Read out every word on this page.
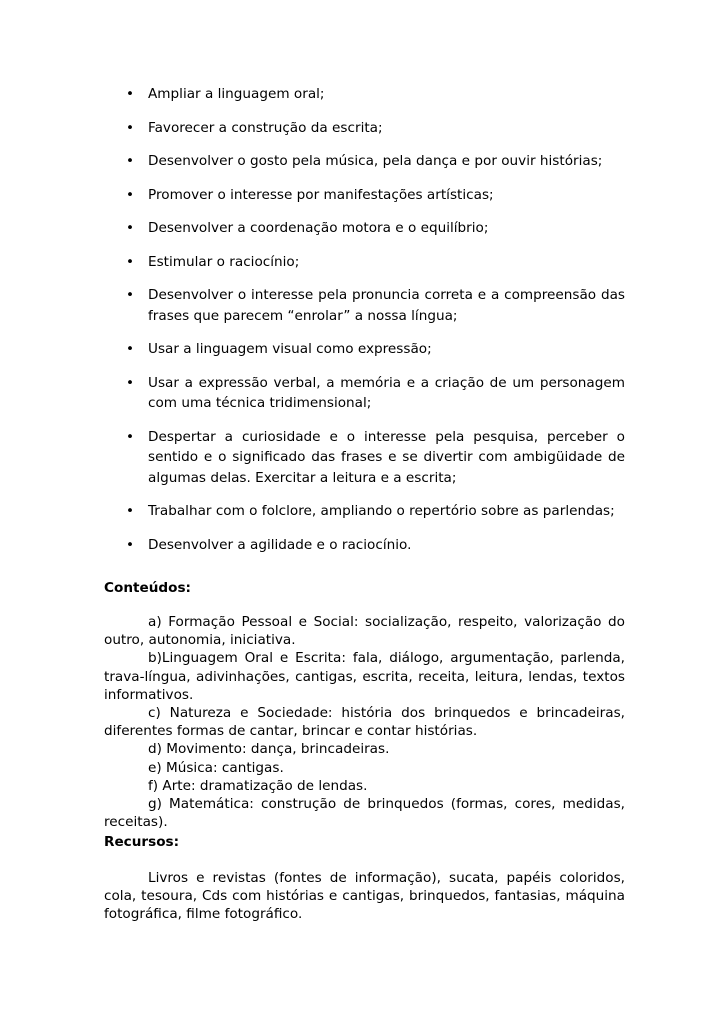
• Ampliar a linguagem oral;
• Favorecer a construção da escrita;
• Desenvolver o gosto pela música, pela dança e por ouvir histórias;
• Promover o interesse por manifestações artísticas;
• Desenvolver a coordenação motora e o equilíbrio;
• Estimular o raciocínio;
• Desenvolver o interesse pela pronuncia correta e a compreensão das frases que parecem “enrolar” a nossa língua;
• Usar a linguagem visual como expressão;
• Usar a expressão verbal, a memória e a criação de um personagem com uma técnica tridimensional;
• Despertar a curiosidade e o interesse pela pesquisa, perceber o sentido e o significado das frases e se divertir com ambigüidade de algumas delas. Exercitar a leitura e a escrita;
• Trabalhar com o folclore, ampliando o repertório sobre as parlendas;
• Desenvolver a agilidade e o raciocínio.
Conteúdos:

a) Formação Pessoal e Social: socialização, respeito, valorização do outro, autonomia, iniciativa.

b)Linguagem Oral e Escrita: fala, diálogo, argumentação, parlenda, trava-língua, adivinhações, cantigas, escrita, receita, leitura, lendas, textos informativos.

c) Natureza e Sociedade: história dos brinquedos e brincadeiras, diferentes formas de cantar, brincar e contar histórias.

d) Movimento: dança, brincadeiras.

e) Música: cantigas.

f) Arte: dramatização de lendas.

g) Matemática: construção de brinquedos (formas, cores, medidas, receitas).

Recursos:

Livros e revistas (fontes de informação), sucata, papéis coloridos, cola, tesoura, Cds com histórias e cantigas, brinquedos, fantasias, máquina fotográfica, filme fotográfico.
